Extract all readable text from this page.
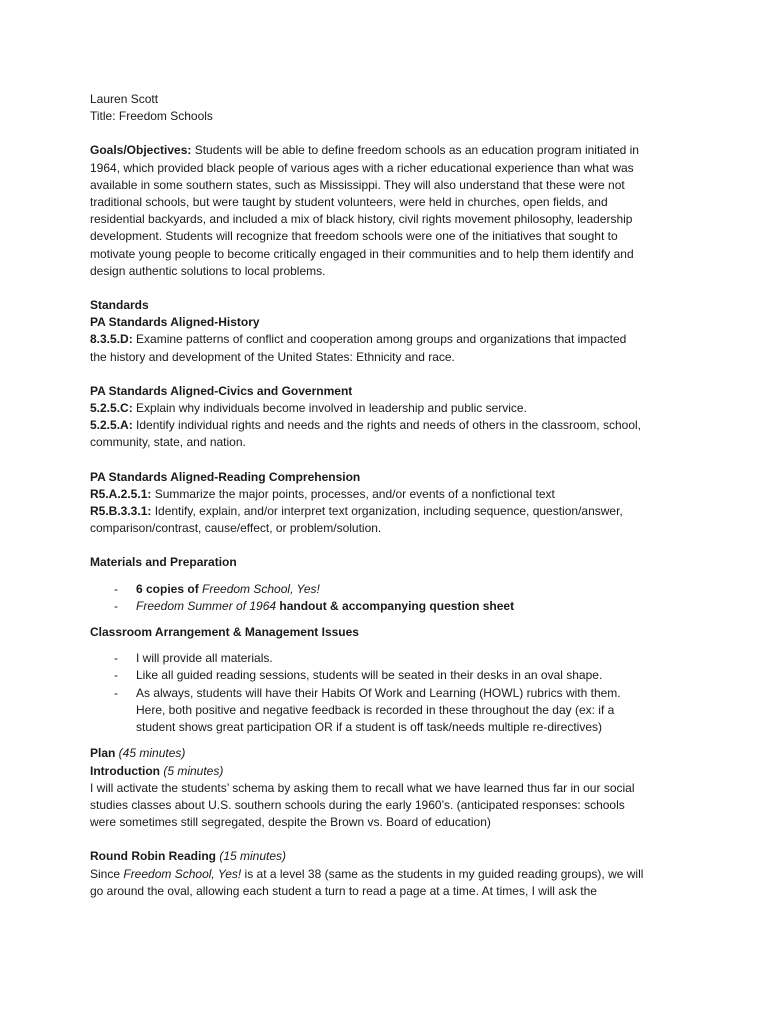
Lauren Scott
Title: Freedom Schools
Goals/Objectives: Students will be able to define freedom schools as an education program initiated in
1964, which provided black people of various ages with a richer educational experience than what was
available in some southern states, such as Mississippi. They will also understand that these were not
traditional schools, but were taught by student volunteers, were held in churches, open fields, and
residential backyards, and included a mix of black history, civil rights movement philosophy, leadership
development. Students will recognize that freedom schools were one of the initiatives that sought to
motivate young people to become critically engaged in their communities and to help them identify and
design authentic solutions to local problems.
Standards
PA Standards Aligned-History
8.3.5.D: Examine patterns of conflict and cooperation among groups and organizations that impacted
the history and development of the United States: Ethnicity and race.
PA Standards Aligned-Civics and Government
5.2.5.C: Explain why individuals become involved in leadership and public service.
5.2.5.A: Identify individual rights and needs and the rights and needs of others in the classroom, school,
community, state, and nation.
PA Standards Aligned-Reading Comprehension
R5.A.2.5.1: Summarize the major points, processes, and/or events of a nonfictional text
R5.B.3.3.1: Identify, explain, and/or interpret text organization, including sequence, question/answer,
comparison/contrast, cause/effect, or problem/solution.
Materials and Preparation
- 6 copies of Freedom School, Yes!
- Freedom Summer of 1964 handout & accompanying question sheet
Classroom Arrangement & Management Issues
- I will provide all materials.
- Like all guided reading sessions, students will be seated in their desks in an oval shape.
- As always, students will have their Habits Of Work and Learning (HOWL) rubrics with them.
Here, both positive and negative feedback is recorded in these throughout the day (ex: if a
student shows great participation OR if a student is off task/needs multiple re-directives)
Plan (45 minutes)
Introduction (5 minutes)
I will activate the students’ schema by asking them to recall what we have learned thus far in our social
studies classes about U.S. southern schools during the early 1960’s. (anticipated responses: schools
were sometimes still segregated, despite the Brown vs. Board of education)
Round Robin Reading (15 minutes)
Since Freedom School, Yes! is at a level 38 (same as the students in my guided reading groups), we will
go around the oval, allowing each student a turn to read a page at a time. At times, I will ask the
